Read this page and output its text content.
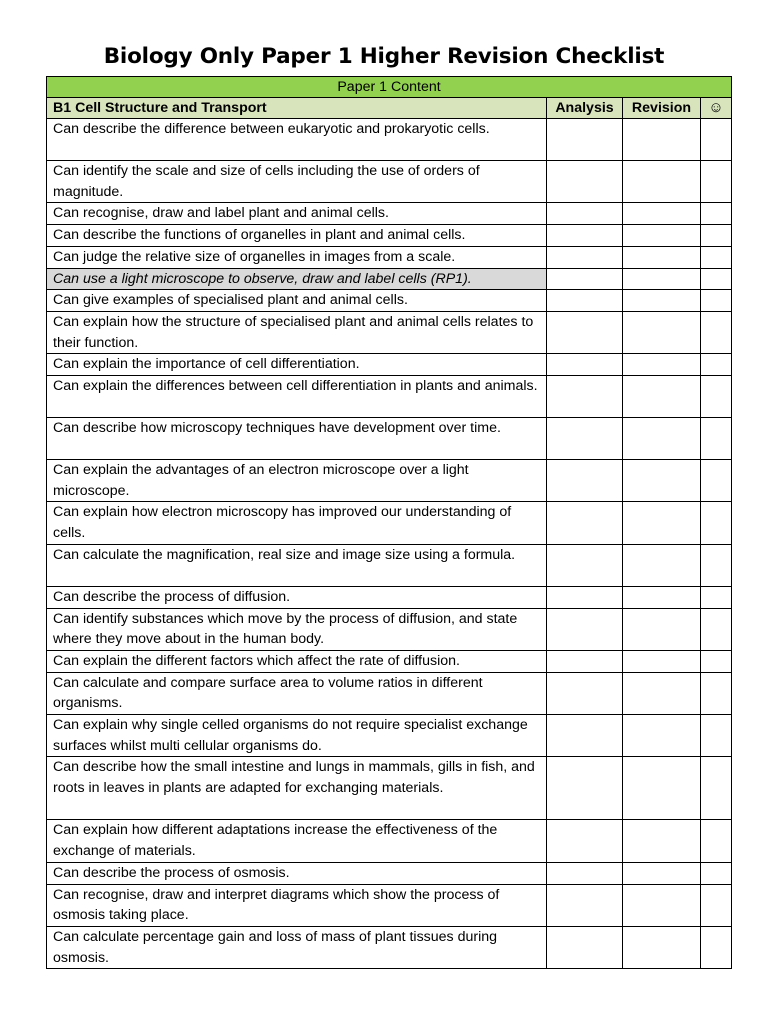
Biology Only Paper 1 Higher Revision Checklist
Paper 1 Content			
B1 Cell Structure and Transport	Analysis	Revision	☺
Can describe the difference between eukaryotic and prokaryotic cells.			
Can identify the scale and size of cells including the use of orders of magnitude.			
Can recognise, draw and label plant and animal cells.			
Can describe the functions of organelles in plant and animal cells.			
Can judge the relative size of organelles in images from a scale.			
Can use a light microscope to observe, draw and label cells (RP1).			
Can give examples of specialised plant and animal cells.			
Can explain how the structure of specialised plant and animal cells relates to their function.			
Can explain the importance of cell differentiation.			
Can explain the differences between cell differentiation in plants and animals.			
Can describe how microscopy techniques have development over time.			
Can explain the advantages of an electron microscope over a light microscope.			
Can explain how electron microscopy has improved our understanding of cells.			
Can calculate the magnification, real size and image size using a formula.			
Can describe the process of diffusion.			
Can identify substances which move by the process of diffusion, and state where they move about in the human body.			
Can explain the different factors which affect the rate of diffusion.			
Can calculate and compare surface area to volume ratios in different organisms.			
Can explain why single celled organisms do not require specialist exchange surfaces whilst multi cellular organisms do.			
Can describe how the small intestine and lungs in mammals, gills in fish, and roots in leaves in plants are adapted for exchanging materials.			
Can explain how different adaptations increase the effectiveness of the exchange of materials.			
Can describe the process of osmosis.			
Can recognise, draw and interpret diagrams which show the process of osmosis taking place.			
Can calculate percentage gain and loss of mass of plant tissues during osmosis.			
